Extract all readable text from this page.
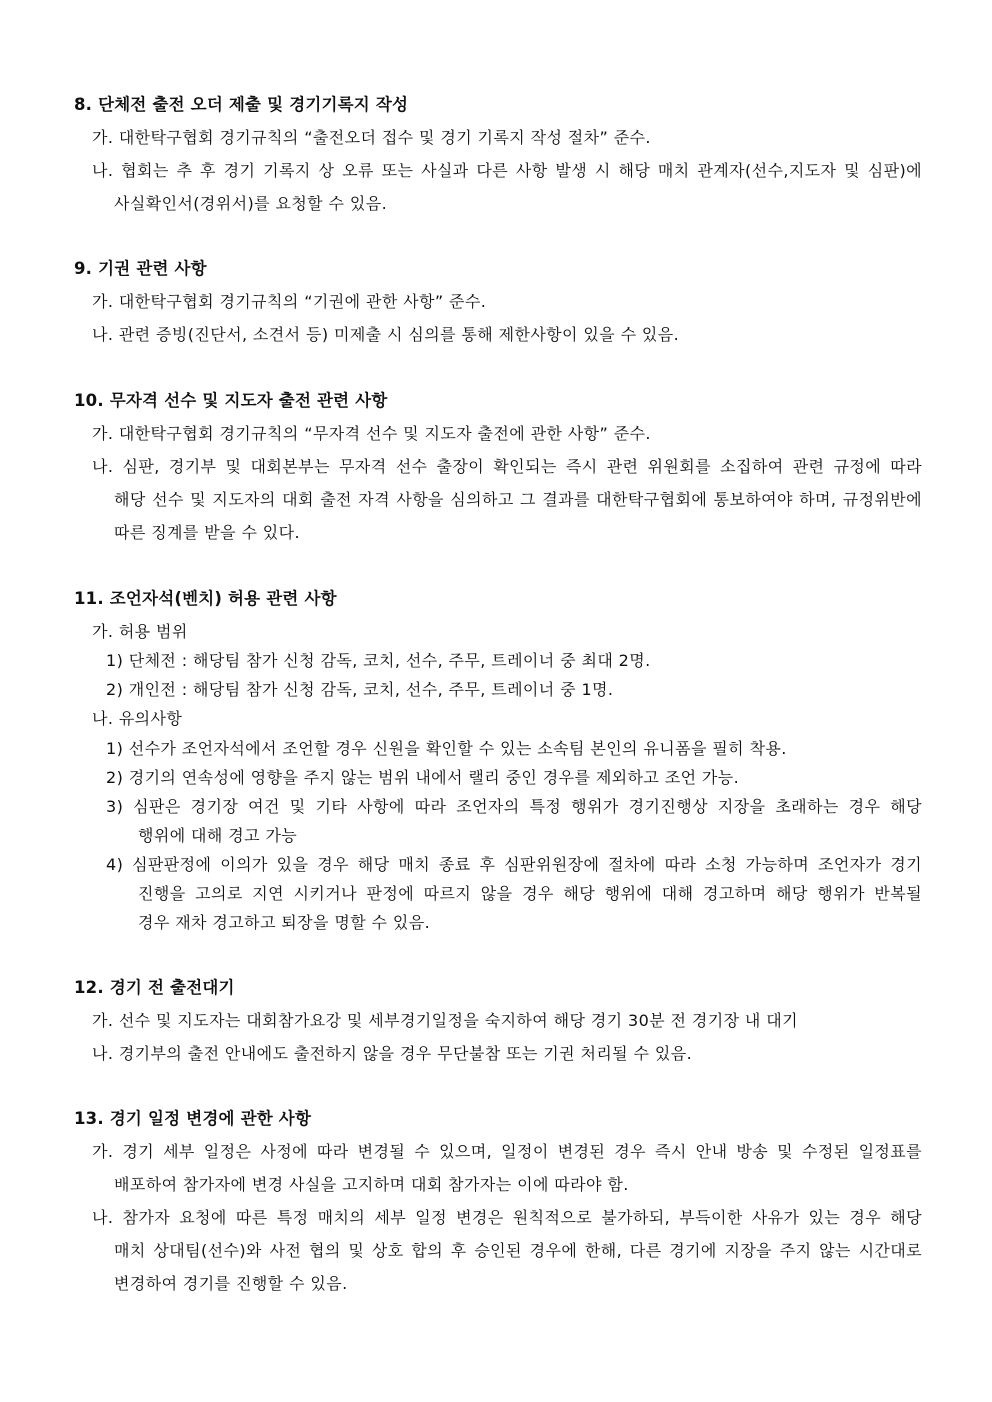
8. 단체전 출전 오더 제출 및 경기기록지 작성
가. 대한탁구협회 경기규칙의 “출전오더 접수 및 경기 기록지 작성 절차” 준수.
나. 협회는 추 후 경기 기록지 상 오류 또는 사실과 다른 사항 발생 시 해당 매치 관계자(선수,지도자 및 심판)에
사실확인서(경위서)를 요청할 수 있음.
9. 기권 관련 사항
가. 대한탁구협회 경기규칙의 “기권에 관한 사항” 준수.
나. 관련 증빙(진단서, 소견서 등) 미제출 시 심의를 통해 제한사항이 있을 수 있음.
10. 무자격 선수 및 지도자 출전 관련 사항
가. 대한탁구협회 경기규칙의 “무자격 선수 및 지도자 출전에 관한 사항” 준수.
나. 심판, 경기부 및 대회본부는 무자격 선수 출장이 확인되는 즉시 관련 위원회를 소집하여 관련 규정에 따라
해당 선수 및 지도자의 대회 출전 자격 사항을 심의하고 그 결과를 대한탁구협회에 통보하여야 하며, 규정위반에
따른 징계를 받을 수 있다.
11. 조언자석(벤치) 허용 관련 사항
가. 허용 범위
1) 단체전 : 해당팀 참가 신청 감독, 코치, 선수, 주무, 트레이너 중 최대 2명.
2) 개인전 : 해당팀 참가 신청 감독, 코치, 선수, 주무, 트레이너 중 1명.
나. 유의사항
1) 선수가 조언자석에서 조언할 경우 신원을 확인할 수 있는 소속팀 본인의 유니폼을 필히 착용.
2) 경기의 연속성에 영향을 주지 않는 범위 내에서 랠리 중인 경우를 제외하고 조언 가능.
3) 심판은 경기장 여건 및 기타 사항에 따라 조언자의 특정 행위가 경기진행상 지장을 초래하는 경우 해당
행위에 대해 경고 가능
4) 심판판정에 이의가 있을 경우 해당 매치 종료 후 심판위원장에 절차에 따라 소청 가능하며 조언자가 경기
진행을 고의로 지연 시키거나 판정에 따르지 않을 경우 해당 행위에 대해 경고하며 해당 행위가 반복될
경우 재차 경고하고 퇴장을 명할 수 있음.
12. 경기 전 출전대기
가. 선수 및 지도자는 대회참가요강 및 세부경기일정을 숙지하여 해당 경기 30분 전 경기장 내 대기
나. 경기부의 출전 안내에도 출전하지 않을 경우 무단불참 또는 기권 처리될 수 있음.
13. 경기 일정 변경에 관한 사항
가. 경기 세부 일정은 사정에 따라 변경될 수 있으며, 일정이 변경된 경우 즉시 안내 방송 및 수정된 일정표를
배포하여 참가자에 변경 사실을 고지하며 대회 참가자는 이에 따라야 함.
나. 참가자 요청에 따른 특정 매치의 세부 일정 변경은 원칙적으로 불가하되, 부득이한 사유가 있는 경우 해당
매치 상대팀(선수)와 사전 협의 및 상호 합의 후 승인된 경우에 한해, 다른 경기에 지장을 주지 않는 시간대로
변경하여 경기를 진행할 수 있음.
